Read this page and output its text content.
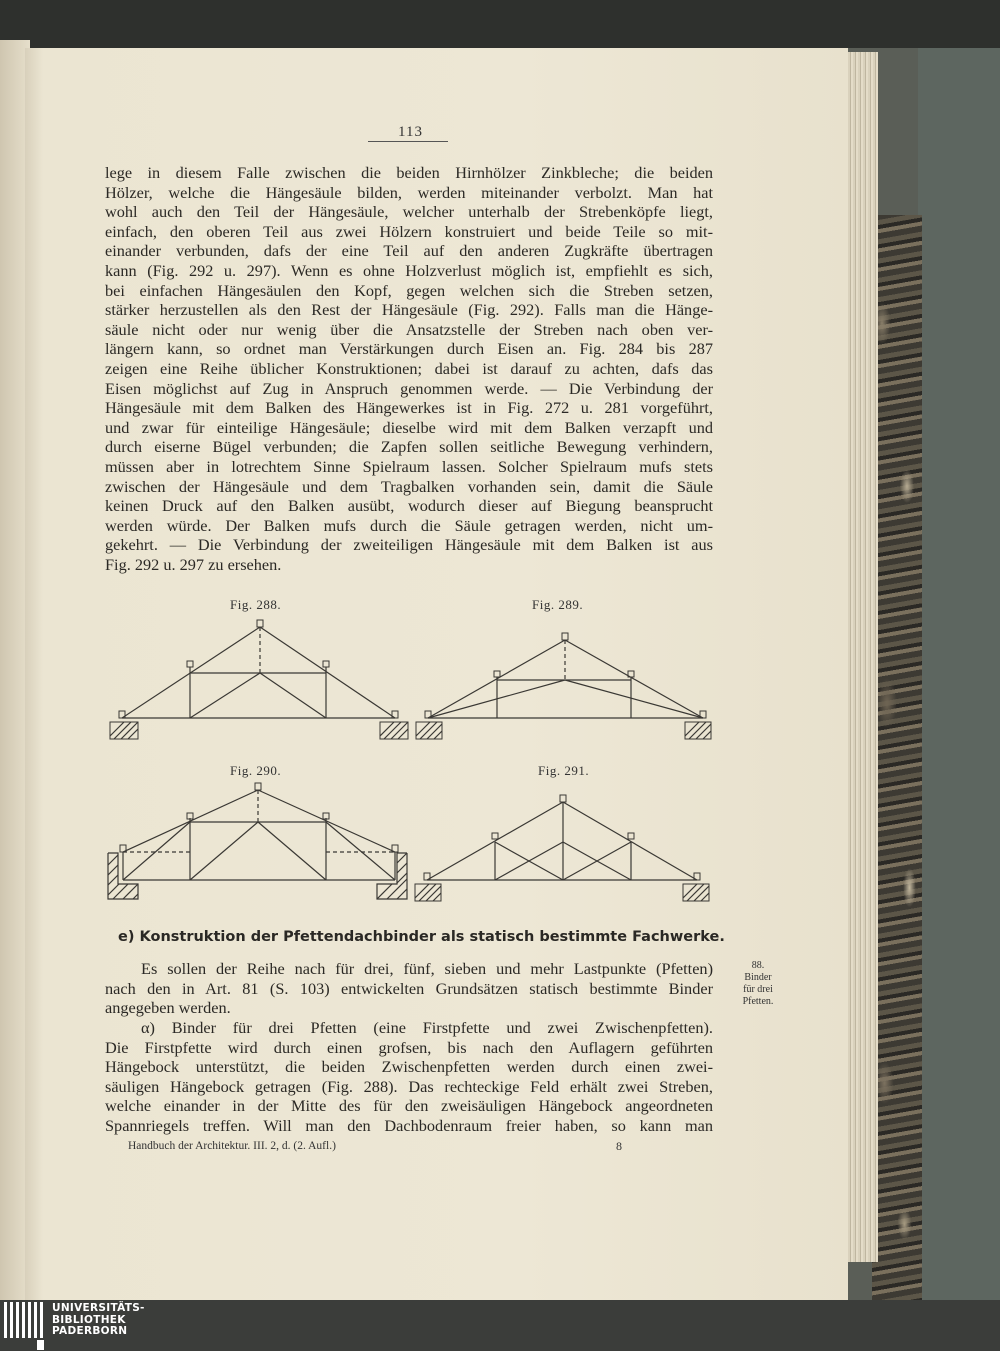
113
lege in diesem Falle zwischen die beiden Hirnhölzer Zinkbleche; die beiden
Hölzer, welche die Hängesäule bilden, werden miteinander verbolzt. Man hat
wohl auch den Teil der Hängesäule, welcher unterhalb der Strebenköpfe liegt,
einfach, den oberen Teil aus zwei Hölzern konstruiert und beide Teile so mit-
einander verbunden, dafs der eine Teil auf den anderen Zugkräfte übertragen
kann (Fig. 292 u. 297). Wenn es ohne Holzverlust möglich ist, empfiehlt es sich,
bei einfachen Hängesäulen den Kopf, gegen welchen sich die Streben setzen,
stärker herzustellen als den Rest der Hängesäule (Fig. 292). Falls man die Hänge-
säule nicht oder nur wenig über die Ansatzstelle der Streben nach oben ver-
längern kann, so ordnet man Verstärkungen durch Eisen an. Fig. 284 bis 287
zeigen eine Reihe üblicher Konstruktionen; dabei ist darauf zu achten, dafs das
Eisen möglichst auf Zug in Anspruch genommen werde. — Die Verbindung der
Hängesäule mit dem Balken des Hängewerkes ist in Fig. 272 u. 281 vorgeführt,
und zwar für einteilige Hängesäule; dieselbe wird mit dem Balken verzapft und
durch eiserne Bügel verbunden; die Zapfen sollen seitliche Bewegung verhindern,
müssen aber in lotrechtem Sinne Spielraum lassen. Solcher Spielraum mufs stets
zwischen der Hängesäule und dem Tragbalken vorhanden sein, damit die Säule
keinen Druck auf den Balken ausübt, wodurch dieser auf Biegung beansprucht
werden würde. Der Balken mufs durch die Säule getragen werden, nicht um-
gekehrt. — Die Verbindung der zweiteiligen Hängesäule mit dem Balken ist aus
Fig. 292 u. 297 zu ersehen.
Fig. 288.	Fig. 289.
Fig. 290.	Fig. 291.
e) Konstruktion der Pfettendachbinder als statisch bestimmte Fachwerke.
88.
Binder
für drei
Pfetten.
Es sollen der Reihe nach für drei, fünf, sieben und mehr Lastpunkte (Pfetten)
nach den in Art. 81 (S. 103) entwickelten Grundsätzen statisch bestimmte Binder
angegeben werden.
α) Binder für drei Pfetten (eine Firstpfette und zwei Zwischenpfetten).
Die Firstpfette wird durch einen grofsen, bis nach den Auflagern geführten
Hängebock unterstützt, die beiden Zwischenpfetten werden durch einen zwei-
säuligen Hängebock getragen (Fig. 288). Das rechteckige Feld erhält zwei Streben,
welche einander in der Mitte des für den zweisäuligen Hängebock angeordneten
Spannriegels treffen. Will man den Dachbodenraum freier haben, so kann man
Handbuch der Architektur. III. 2, d. (2. Aufl.)	8
UNIVERSITÄTS-
BIBLIOTHEK
PADERBORN
